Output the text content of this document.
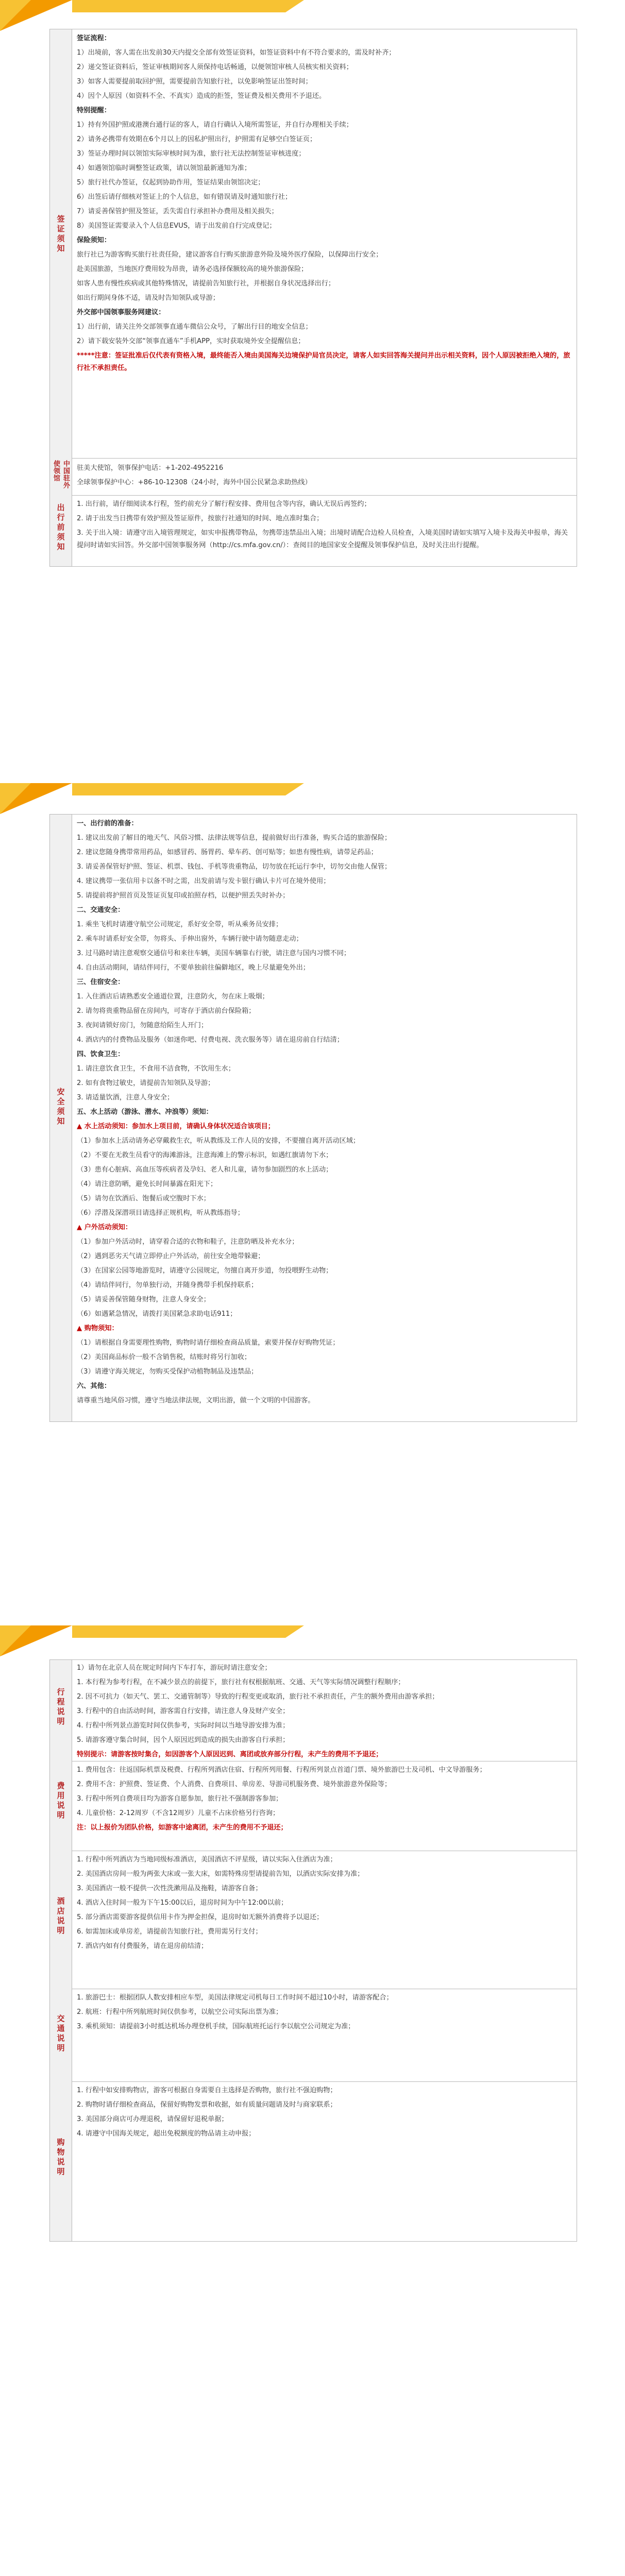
签证须知

签证流程：

1）出境前，客人需在出发前30天内提交全部有效签证资料，如签证资料中有不符合要求的，需及时补齐；

2）递交签证资料后，签证审核期间客人须保持电话畅通，以便领馆审核人员核实相关资料；

3）如客人需要提前取回护照，需要提前告知旅行社，以免影响签证出签时间；

4）因个人原因（如资料不全、不真实）造成的拒签，签证费及相关费用不予退还。

特别提醒：

1）持有外国护照或港澳台通行证的客人，请自行确认入境所需签证，并自行办理相关手续；

2）请务必携带有效期在6个月以上的因私护照出行，护照需有足够空白签证页；

3）签证办理时间以领馆实际审核时间为准，旅行社无法控制签证审核进度；

4）如遇领馆临时调整签证政策，请以领馆最新通知为准；

5）旅行社代办签证，仅起到协助作用，签证结果由领馆决定；

6）出签后请仔细核对签证上的个人信息，如有错误请及时通知旅行社；

7）请妥善保管护照及签证，丢失需自行承担补办费用及相关损失；

8）美国签证需要录入个人信息EVUS，请于出发前自行完成登记；

保险须知：

旅行社已为游客购买旅行社责任险，建议游客自行购买旅游意外险及境外医疗保险，以保障出行安全；

赴美国旅游，当地医疗费用较为昂贵，请务必选择保额较高的境外旅游保险；

如客人患有慢性疾病或其他特殊情况，请提前告知旅行社，并根据自身状况选择出行；

如出行期间身体不适，请及时告知领队或导游；

外交部中国领事服务网建议：

1）出行前，请关注外交部领事直通车微信公众号，了解出行目的地安全信息；

2）请下载安装外交部“领事直通车”手机APP，实时获取境外安全提醒信息；

*****注意：签证批准后仅代表有资格入境，最终能否入境由美国海关边境保护局官员决定，请客人如实回答海关提问并出示相关资料，因个人原因被拒绝入境的，旅行社不承担责任。

中国驻外使领馆	驻美大使馆，领事保护电话：+1-202-4952216

全球领事保护中心：+86-10-12308（24小时，海外中国公民紧急求助热线）

出行前须知 1. 出行前，请仔细阅读本行程，签约前充分了解行程安排、费用包含等内容，确认无误后再签约；

2. 请于出发当日携带有效护照及签证原件，按旅行社通知的时间、地点准时集合；

3. 关于出入境：请遵守出入境管理规定，如实申报携带物品，勿携带违禁品出入境；出境时请配合边检人员检查，入境美国时请如实填写入境卡及海关申报单，海关提问时请如实回答。外交部中国领事服务网（http://cs.mfa.gov.cn/）：查阅目的地国家安全提醒及领事保护信息，及时关注出行提醒。

安全须知

一、出行前的准备：

1. 建议出发前了解目的地天气、风俗习惯、法律法规等信息，提前做好出行准备，购买合适的旅游保险；

2. 建议您随身携带常用药品，如感冒药、肠胃药、晕车药、创可贴等；如患有慢性病，请带足药品；

3. 请妥善保管好护照、签证、机票、钱包、手机等贵重物品，切勿放在托运行李中，切勿交由他人保管；

4. 建议携带一张信用卡以备不时之需，出发前请与发卡银行确认卡片可在境外使用；

5. 请提前将护照首页及签证页复印或拍照存档，以便护照丢失时补办；

二、交通安全：

1. 乘坐飞机时请遵守航空公司规定，系好安全带，听从乘务员安排；

2. 乘车时请系好安全带，勿将头、手伸出窗外，车辆行驶中请勿随意走动；

3. 过马路时请注意观察交通信号和来往车辆，美国车辆靠右行驶，请注意与国内习惯不同；

4. 自由活动期间，请结伴同行，不要单独前往偏僻地区，晚上尽量避免外出；

三、住宿安全：

1. 入住酒店后请熟悉安全通道位置，注意防火，勿在床上吸烟；

2. 请勿将贵重物品留在房间内，可寄存于酒店前台保险箱；

3. 夜间请锁好房门，勿随意给陌生人开门；

4. 酒店内的付费物品及服务（如迷你吧、付费电视、洗衣服务等）请在退房前自行结清；

四、饮食卫生：

1. 请注意饮食卫生，不食用不洁食物，不饮用生水；

2. 如有食物过敏史，请提前告知领队及导游；

3. 请适量饮酒，注意人身安全；

五、水上活动（游泳、潜水、冲浪等）须知：

▲ 水上活动须知：参加水上项目前，请确认身体状况适合该项目；

（1）参加水上活动请务必穿戴救生衣，听从教练及工作人员的安排，不要擅自离开活动区域；

（2）不要在无救生员看守的海滩游泳，注意海滩上的警示标识，如遇红旗请勿下水；

（3）患有心脏病、高血压等疾病者及孕妇、老人和儿童，请勿参加剧烈的水上活动；

（4）请注意防晒，避免长时间暴露在阳光下；

（5）请勿在饮酒后、饱餐后或空腹时下水；

（6）浮潜及深潜项目请选择正规机构，听从教练指导；

▲ 户外活动须知：

（1）参加户外活动时，请穿着合适的衣物和鞋子，注意防晒及补充水分；

（2）遇到恶劣天气请立即停止户外活动，前往安全地带躲避；

（3）在国家公园等地游览时，请遵守公园规定，勿擅自离开步道，勿投喂野生动物；

（4）请结伴同行，勿单独行动，并随身携带手机保持联系；

（5）请妥善保管随身财物，注意人身安全；

（6）如遇紧急情况，请拨打美国紧急求助电话911；

▲ 购物须知：

（1）请根据自身需要理性购物，购物时请仔细检查商品质量，索要并保存好购物凭证；

（2）美国商品标价一般不含销售税，结账时将另行加收；

（3）请遵守海关规定，勿购买受保护动植物制品及违禁品；

六、其他：

请尊重当地风俗习惯，遵守当地法律法规，文明出游，做一个文明的中国游客。

行程说明

1）请勿在北京人员在规定时间内下车打车，游玩时请注意安全；

1. 本行程为参考行程，在不减少景点的前提下，旅行社有权根据航班、交通、天气等实际情况调整行程顺序；

2. 因不可抗力（如天气、罢工、交通管制等）导致的行程变更或取消，旅行社不承担责任，产生的额外费用由游客承担；

3. 行程中的自由活动时间，游客需自行安排，请注意人身及财产安全；

4. 行程中所列景点游览时间仅供参考，实际时间以当地导游安排为准；

5. 请游客遵守集合时间，因个人原因迟到造成的损失由游客自行承担；

特别提示：请游客按时集合，如因游客个人原因迟到、离团或放弃部分行程，未产生的费用不予退还；

费用说明

1. 费用包含：往返国际机票及税费、行程所列酒店住宿、行程所列用餐、行程所列景点首道门票、境外旅游巴士及司机、中文导游服务；

2. 费用不含：护照费、签证费、个人消费、自费项目、单房差、导游司机服务费、境外旅游意外保险等；

3. 行程中所列自费项目均为游客自愿参加，旅行社不强制游客参加；

4. 儿童价格：2-12周岁（不含12周岁）儿童不占床价格另行咨询；

注：以上报价为团队价格，如游客中途离团，未产生的费用不予退还；

酒店说明

1. 行程中所列酒店为当地同级标准酒店，美国酒店不评星级，请以实际入住酒店为准；

2. 美国酒店房间一般为两张大床或一张大床，如需特殊房型请提前告知，以酒店实际安排为准；

3. 美国酒店一般不提供一次性洗漱用品及拖鞋，请游客自备；

4. 酒店入住时间一般为下午15:00以后，退房时间为中午12:00以前；

5. 部分酒店需要游客提供信用卡作为押金担保，退房时如无额外消费将予以退还；

6. 如需加床或单房差，请提前告知旅行社，费用需另行支付；

7. 酒店内如有付费服务，请在退房前结清；

交通说明

1. 旅游巴士：根据团队人数安排相应车型，美国法律规定司机每日工作时间不超过10小时，请游客配合；

2. 航班：行程中所列航班时间仅供参考，以航空公司实际出票为准；

3. 乘机须知：请提前3小时抵达机场办理登机手续，国际航班托运行李以航空公司规定为准；

购物说明

1. 行程中如安排购物店，游客可根据自身需要自主选择是否购物，旅行社不强迫购物；

2. 购物时请仔细检查商品，保留好购物发票和收据，如有质量问题请及时与商家联系；

3. 美国部分商店可办理退税，请保留好退税单据；

4. 请遵守中国海关规定，超出免税额度的物品请主动申报；
